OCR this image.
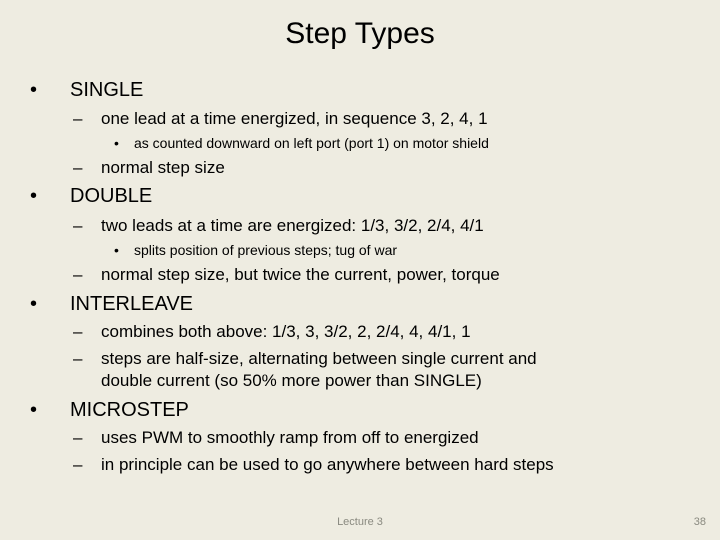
Step Types
• SINGLE
– one lead at a time energized, in sequence 3, 2, 4, 1
• as counted downward on left port (port 1) on motor shield
– normal step size
• DOUBLE
– two leads at a time are energized: 1/3, 3/2, 2/4, 4/1
• splits position of previous steps; tug of war
– normal step size, but twice the current, power, torque
• INTERLEAVE
– combines both above: 1/3, 3, 3/2, 2, 2/4, 4, 4/1, 1
– steps are half-size, alternating between single current and
double current (so 50% more power than SINGLE)
• MICROSTEP
– uses PWM to smoothly ramp from off to energized
– in principle can be used to go anywhere between hard steps
Lecture 3	38
